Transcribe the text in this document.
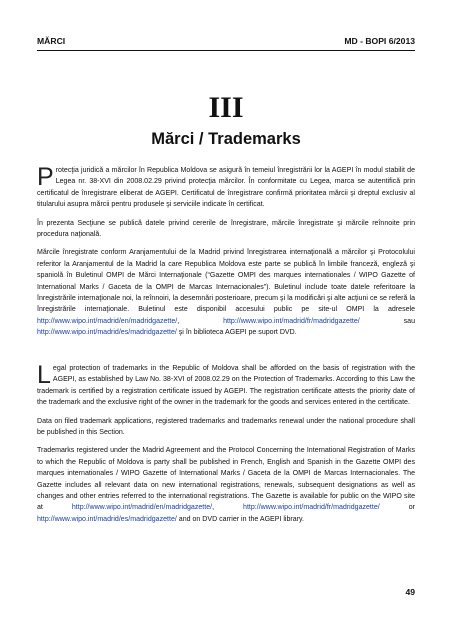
MĂRCI	MD - BOPI 6/2013
III
Mărci / Trademarks

Protecţia juridică a mărcilor în Republica Moldova se asigură în temeiul înregistrării lor la AGEPI în modul stabilit de Legea nr. 38-XVI din 2008.02.29 privind protecţia mărcilor. În conformitate cu Legea, marca se autentifică prin certificatul de înregistrare eliberat de AGEPI. Certificatul de înregistrare confirmă prioritatea mărcii şi dreptul exclusiv al titularului asupra mărcii pentru produsele şi serviciile indicate în certificat.

În prezenta Secţiune se publică datele privind cererile de înregistrare, mărcile înregistrate şi mărcile reînnoite prin procedura naţională.

Mărcile înregistrate conform Aranjamentului de la Madrid privind înregistrarea internaţională a mărcilor şi Protocolului referitor la Aranjamentul de la Madrid la care Republica Moldova este parte se publică în limbile franceză, engleză şi spaniolă în Buletinul OMPI de Mărci Internaţionale (“Gazette OMPI des marques internationales / WIPO Gazette of International Marks / Gaceta de la OMPI de Marcas Internacionales”). Buletinul include toate datele referitoare la înregistrările internaţionale noi, la reînnoiri, la desemnări posterioare, precum şi la modificări şi alte acţiuni ce se referă la înregistrările internaţionale. Buletinul este disponibil accesului public pe site-ul OMPI la adresele http://www.wipo.int/madrid/en/madridgazette/,	http://www.wipo.int/madrid/fr/madridgazette/	sau http://www.wipo.int/madrid/es/madridgazette/ şi în biblioteca AGEPI pe suport DVD.

Legal protection of trademarks in the Republic of Moldova shall be afforded on the basis of registration with the AGEPI, as established by Law No. 38-XVI of 2008.02.29 on the Protection of Trademarks. According to this Law the trademark is certified by a registration certificate issued by AGEPI. The registration certificate attests the priority date of the trademark and the exclusive right of the owner in the trademark for the goods and services entered in the certificate.

Data on filed trademark applications, registered trademarks and trademarks renewal under the national procedure shall be published in this Section.

Trademarks registered under the Madrid Agreement and the Protocol Concerning the International Registration of Marks to which the Republic of Moldova is party shall be published in French, English and Spanish in the Gazette OMPI des marques internationales / WIPO Gazette of International Marks / Gaceta de la OMPI de Marcas Internacionales. The Gazette includes all relevant data on new international registrations, renewals, subsequent designations as well as changes and other entries referred to the international registrations. The Gazette is available for public on the WIPO site at	http://www.wipo.int/madrid/en/madridgazette/,	http://www.wipo.int/madrid/fr/madridgazette/	or http://www.wipo.int/madrid/es/madridgazette/ and on DVD carrier in the AGEPI library.

49
